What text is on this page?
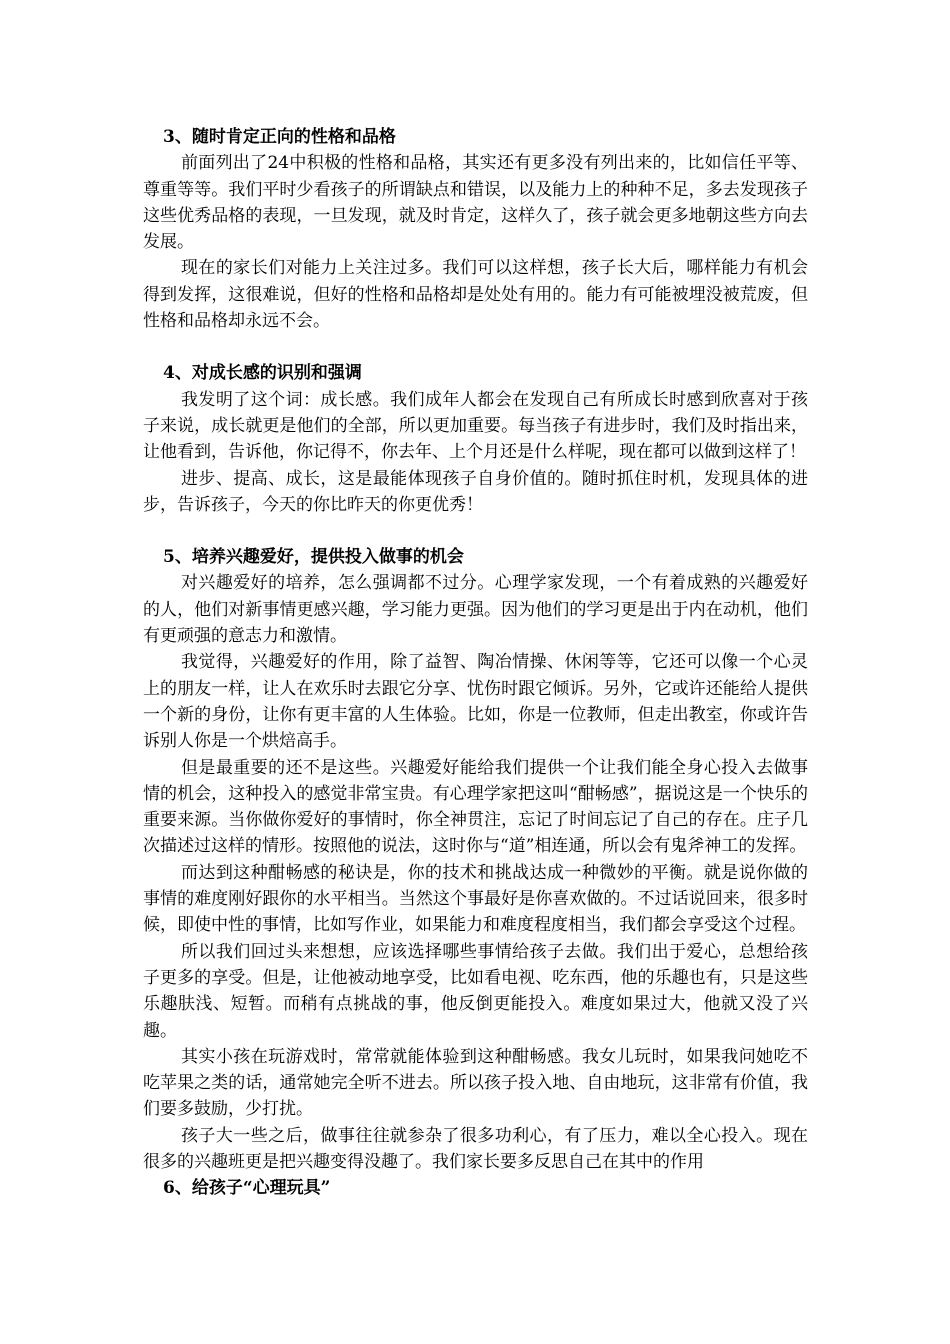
3、随时肯定正向的性格和品格

前面列出了24中积极的性格和品格，其实还有更多没有列出来的，比如信任平等、尊重等等。我们平时少看孩子的所谓缺点和错误，以及能力上的种种不足，多去发现孩子这些优秀品格的表现，一旦发现，就及时肯定，这样久了，孩子就会更多地朝这些方向去发展。

现在的家长们对能力上关注过多。我们可以这样想，孩子长大后，哪样能力有机会得到发挥，这很难说，但好的性格和品格却是处处有用的。能力有可能被埋没被荒废，但性格和品格却永远不会。

4、对成长感的识别和强调

我发明了这个词：成长感。我们成年人都会在发现自己有所成长时感到欣喜对于孩子来说，成长就更是他们的全部，所以更加重要。每当孩子有进步时，我们及时指出来，让他看到，告诉他，你记得不，你去年、上个月还是什么样呢，现在都可以做到这样了！

进步、提高、成长，这是最能体现孩子自身价值的。随时抓住时机，发现具体的进步，告诉孩子，今天的你比昨天的你更优秀！

5、培养兴趣爱好，提供投入做事的机会

对兴趣爱好的培养，怎么强调都不过分。心理学家发现，一个有着成熟的兴趣爱好的人，他们对新事情更感兴趣，学习能力更强。因为他们的学习更是出于内在动机，他们有更顽强的意志力和激情。

我觉得，兴趣爱好的作用，除了益智、陶冶情操、休闲等等，它还可以像一个心灵上的朋友一样，让人在欢乐时去跟它分享、忧伤时跟它倾诉。另外，它或许还能给人提供一个新的身份，让你有更丰富的人生体验。比如，你是一位教师，但走出教室，你或许告诉别人你是一个烘焙高手。

但是最重要的还不是这些。兴趣爱好能给我们提供一个让我们能全身心投入去做事情的机会，这种投入的感觉非常宝贵。有心理学家把这叫“酣畅感”，据说这是一个快乐的重要来源。当你做你爱好的事情时，你全神贯注，忘记了时间忘记了自己的存在。庄子几次描述过这样的情形。按照他的说法，这时你与“道”相连通，所以会有鬼斧神工的发挥。

而达到这种酣畅感的秘诀是，你的技术和挑战达成一种微妙的平衡。就是说你做的事情的难度刚好跟你的水平相当。当然这个事最好是你喜欢做的。不过话说回来，很多时候，即使中性的事情，比如写作业，如果能力和难度程度相当，我们都会享受这个过程。

所以我们回过头来想想，应该选择哪些事情给孩子去做。我们出于爱心，总想给孩子更多的享受。但是，让他被动地享受，比如看电视、吃东西，他的乐趣也有，只是这些乐趣肤浅、短暂。而稍有点挑战的事，他反倒更能投入。难度如果过大，他就又没了兴趣。

其实小孩在玩游戏时，常常就能体验到这种酣畅感。我女儿玩时，如果我问她吃不吃苹果之类的话，通常她完全听不进去。所以孩子投入地、自由地玩，这非常有价值，我们要多鼓励，少打扰。

孩子大一些之后，做事往往就参杂了很多功利心，有了压力，难以全心投入。现在很多的兴趣班更是把兴趣变得没趣了。我们家长要多反思自己在其中的作用

6、给孩子“心理玩具”
